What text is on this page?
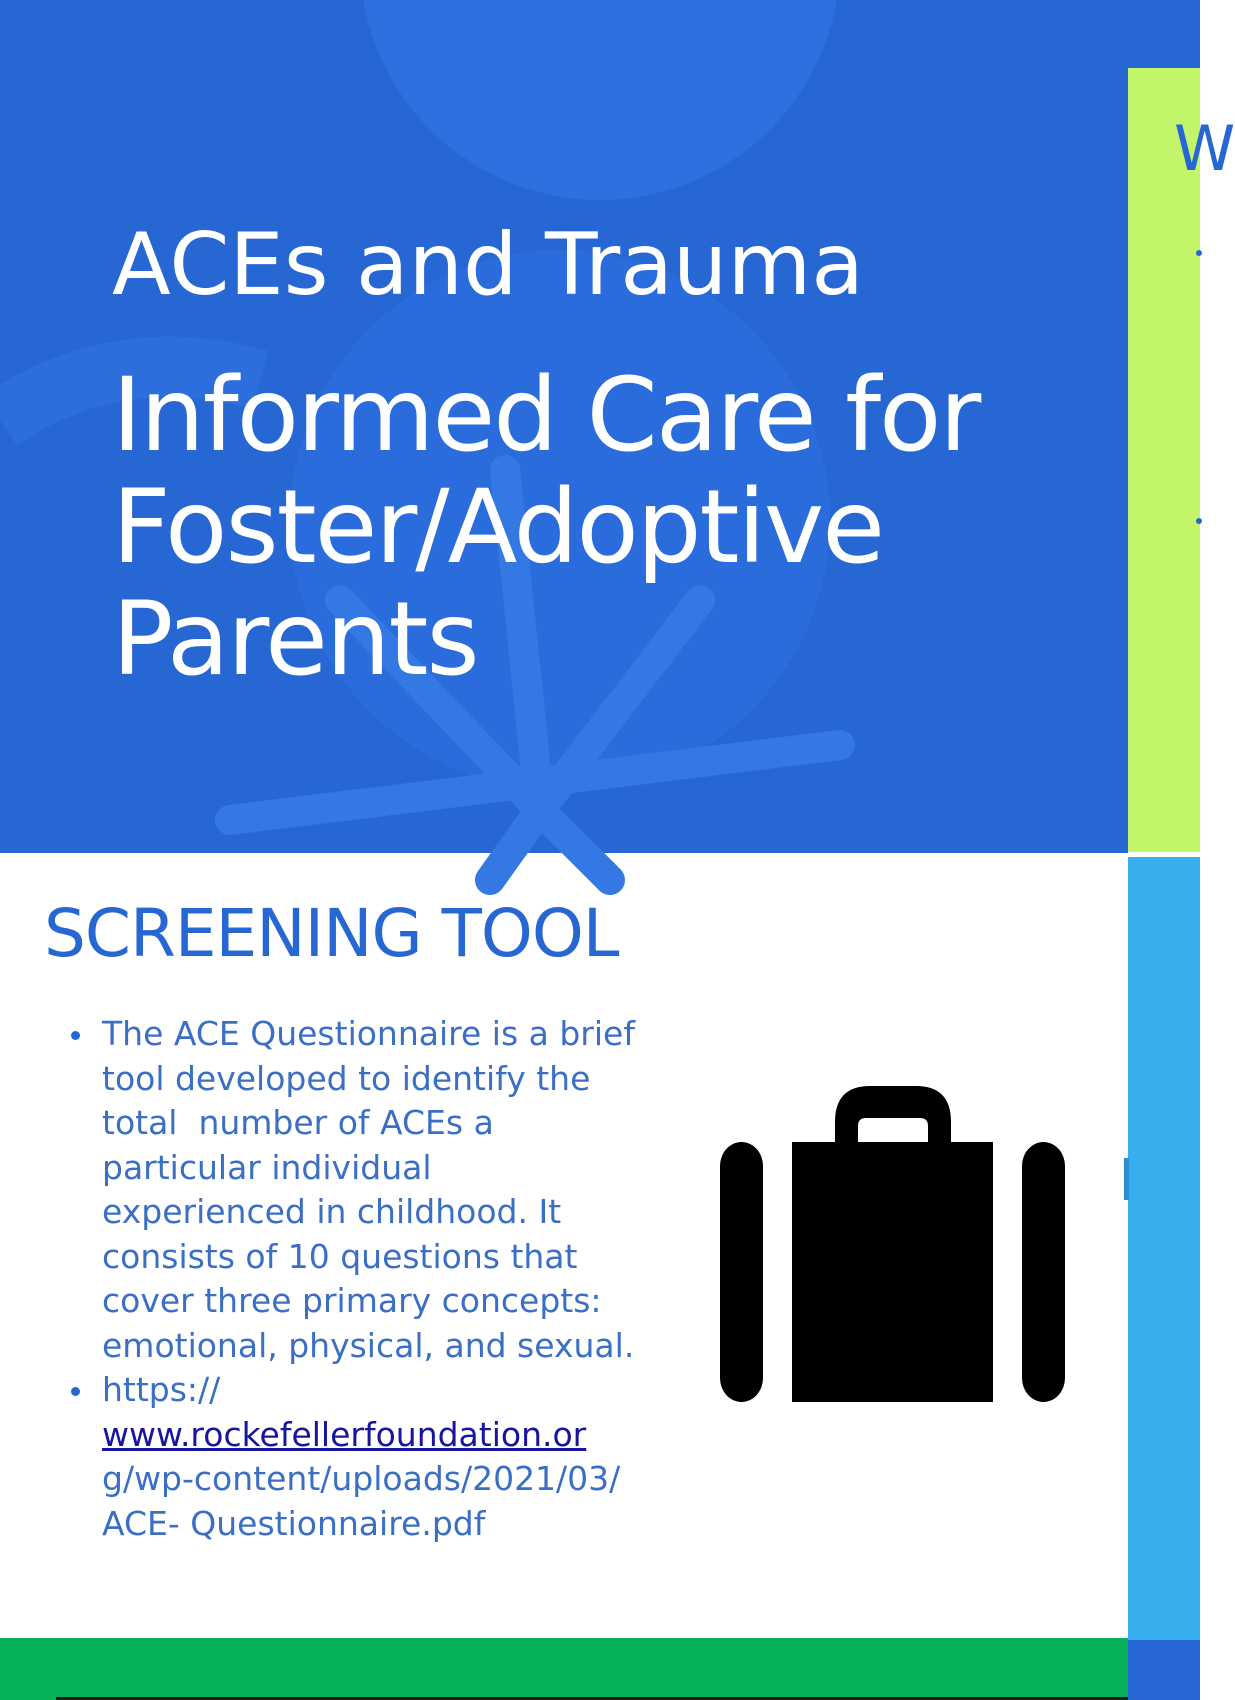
ACEs and Trauma
Informed Care for
Foster/Adoptive
Parents
W
SCREENING TOOL
The ACE Questionnaire is a brief
tool developed to identify the
total  number of ACEs a
particular individual
experienced in childhood. It
consists of 10 questions that
cover three primary concepts:
emotional, physical, and sexual.
https://
www.rockefellerfoundation.or
g/wp-content/uploads/2021/03/
ACE- Questionnaire.pdf
